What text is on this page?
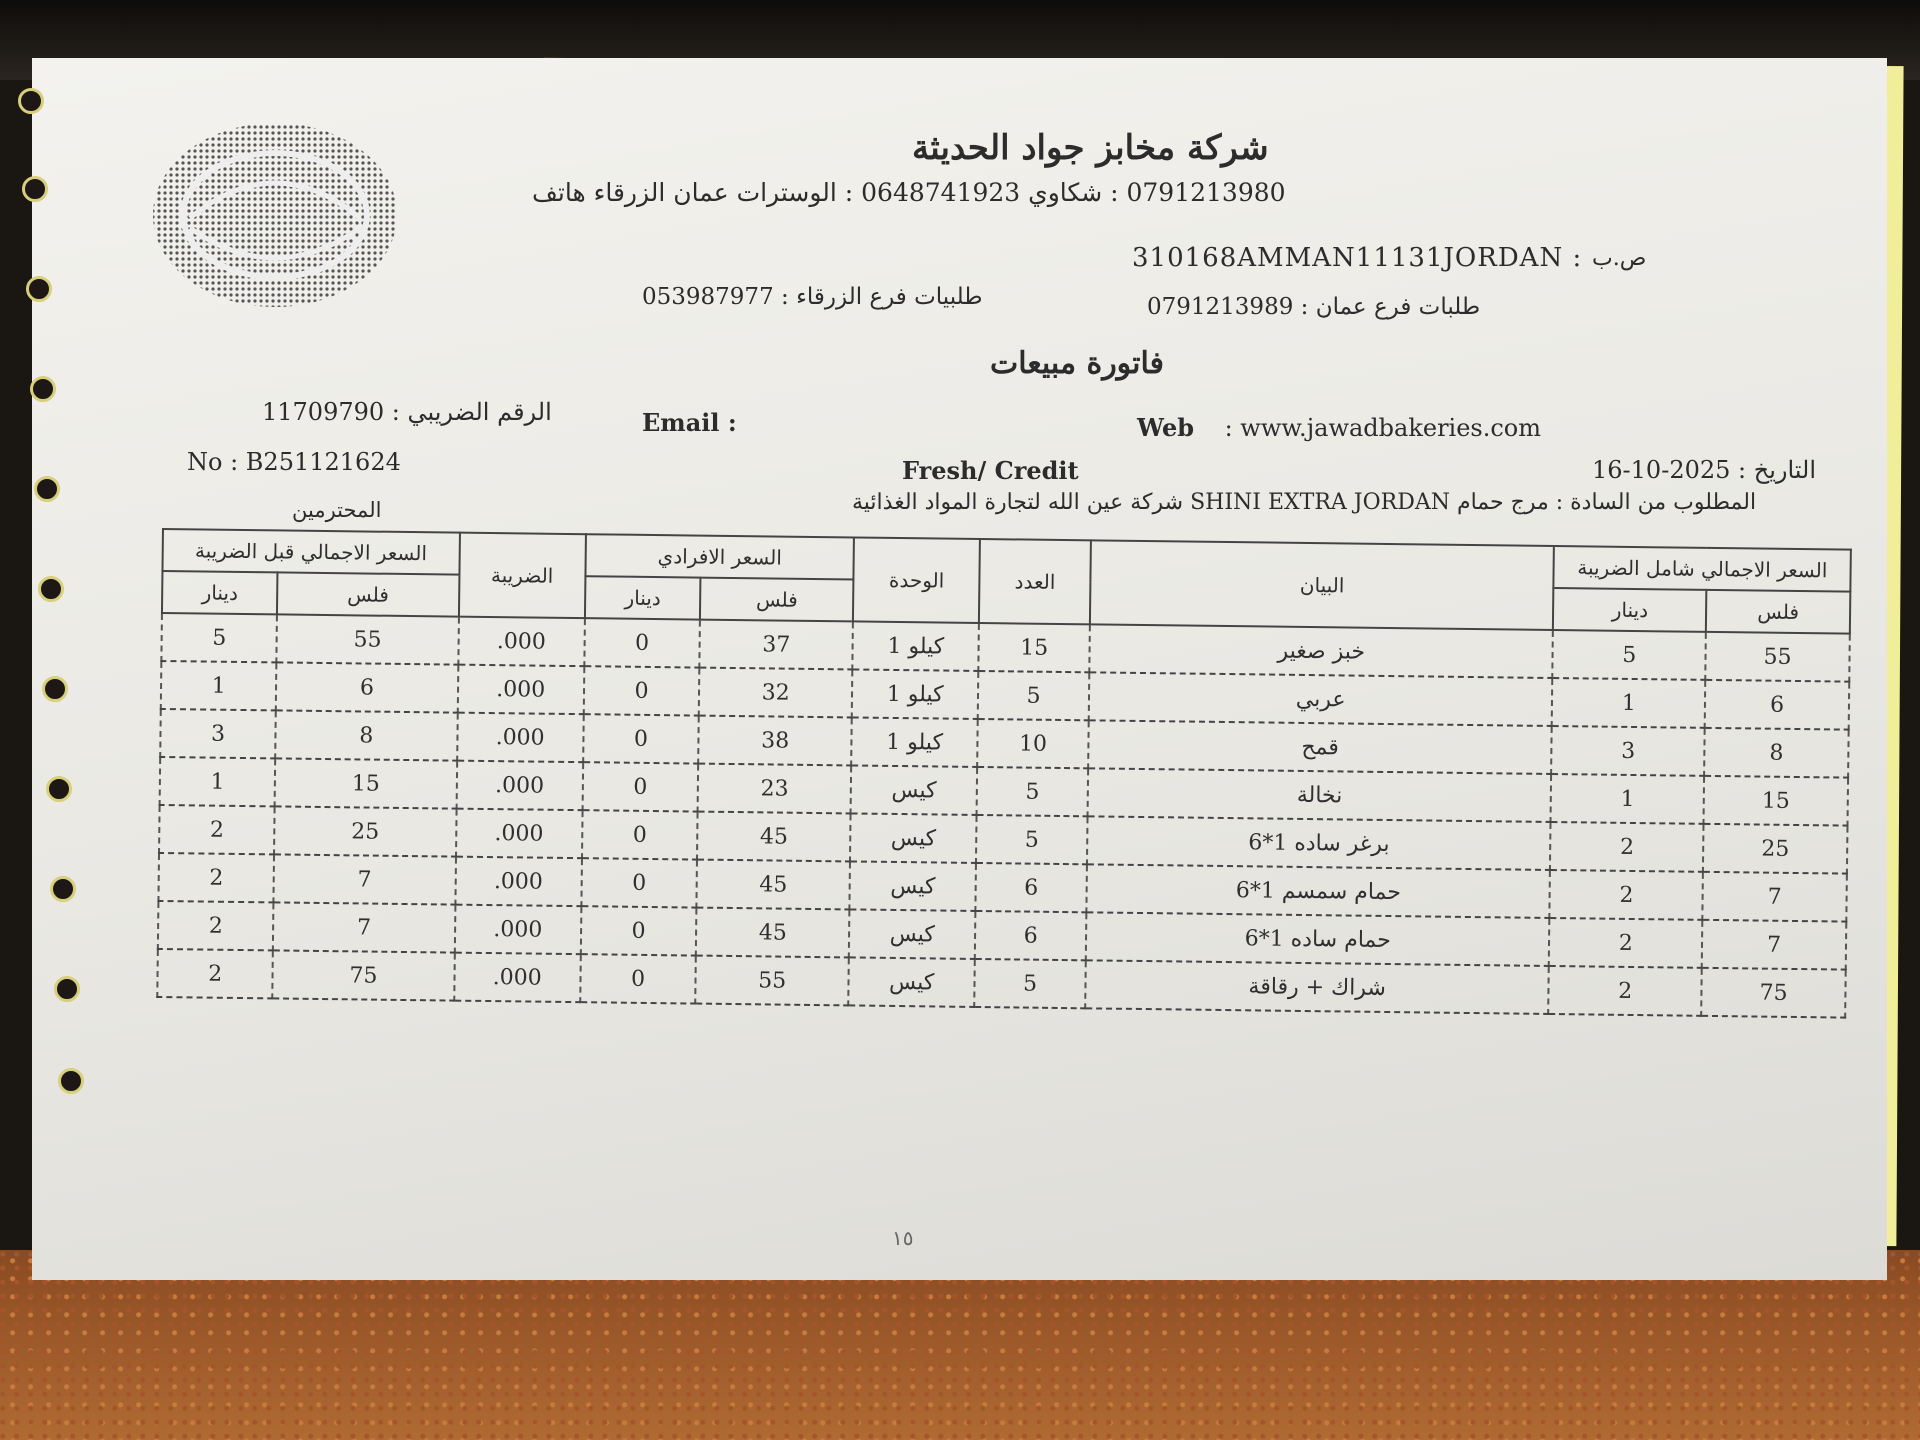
شركة مخابز جواد الحديثة
0791213980 : شكاوي 0648741923 : الوسترات عمان الزرقاء هاتف
310168AMMAN11131JORDAN : ص.ب
طلبيات فرع الزرقاء : 053987977	طلبات فرع عمان : 0791213989
فاتورة مبيعات
الرقم الضريبي : 11709790	Email :	Web : www.jawadbakeries.com
No : B251121624	Fresh/ Credit	التاريخ : 2025-10-16
المطلوب من السادة : مرج حمام SHINI EXTRA JORDAN شركة عين الله لتجارة المواد الغذائية
المحترمين
١٥
السعر الاجمالي قبل الضريبة		الضريبة	السعر الافرادي		الوحدة	العدد	البيان	السعر الاجمالي شامل الضريبة	
دينار	فلس		دينار	فلس				دينار	فلس
5	55	.000	0	37	كيلو 1	15	خبز صغير	5	55
1	6	.000	0	32	كيلو 1	5	عربي	1	6
3	8	.000	0	38	كيلو 1	10	قمح	3	8
1	15	.000	0	23	كيس	5	نخالة	1	15
2	25	.000	0	45	كيس	5	برغر ساده 1*6	2	25
2	7	.000	0	45	كيس	6	حمام سمسم 1*6	2	7
2	7	.000	0	45	كيس	6	حمام ساده 1*6	2	7
2	75	.000	0	55	كيس	5	شراك + رقاقة	2	75
